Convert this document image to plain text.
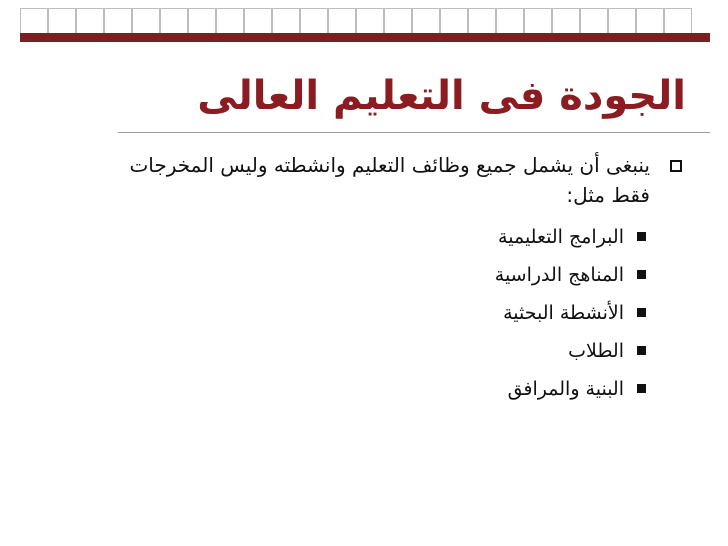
الجودة فى التعليم العالى
ينبغى أن يشمل جميع وظائف التعليم وانشطته وليس المخرجات فقط مثل:
البرامج التعليمية
المناهج الدراسية
الأنشطة البحثية
الطلاب
البنية والمرافق
